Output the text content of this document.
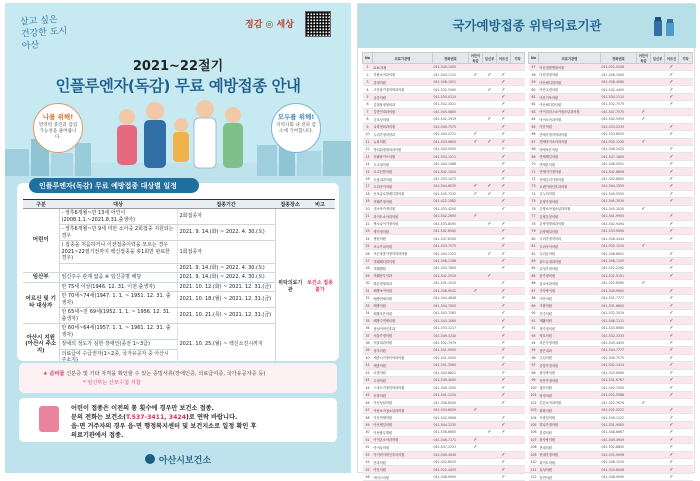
살고 싶은
건강한 도시
아산
정감 ◎ 세상
2021~22절기
인플루엔자(독감) 무료 예방접종 안내
나를 위해!
면역력 증진과 감염 가능성을 줄여줍니다.
모두를 위해!
지역사회 내 전파 감소에 기여합니다.
인플루엔자(독감) 무료 예방접종 대상별 일정
구분	대상	접종기간	접종장소	비고
어린이	- 생후6개월~만 13세 어린이 (2008.1.1.~2021.8.31.출생아)	2회접종자	위탁의료기관	보건소 접종 불가
	- 생후6개월~만 9세 미만 소아중 2회접종 지원되는 경우	2021. 9. 14.(화) ~ 2022. 4. 30.(토)		
	( 접종을 처음하거나 이전접종이력을 모르는 경우 2021~22절기전까지 백신접종을 총1회만 완료한 경우)	1회접종자		
		2021. 9. 14.(화) ~ 2022. 4. 30.(토)		
임산부	임신주수 관계 없음 ※ 임신증명 해당	2021. 9. 14.(화) ~ 2022. 4. 30.(토)		
어르신 및 기타 대상자	만 75세 이상(1946. 12. 31. 이전 출생자)	2021. 10. 12.(화) ~ 2021. 12. 31.(금)		
	만 70세~74세(1947. 1. 1. ~ 1951. 12. 31. 출생자)	2021. 10. 18.(월) ~ 2021. 12. 31.(금)		
	만 65세~만 69세(1952. 1. 1. ~ 1956. 12. 31. 출생자)	2021. 10. 21.(목) ~ 2021. 12. 31.(금)		
아산시 지원 (아산시 주소지)	만 60세~64세(1957. 1. 1. ~ 1961. 12. 31. 출생자)	2021. 10. 25.(월) ~ 백신소진시까지		
	장애의 정도가 심한 장애인(종전 1~3급)			
	의료급여 수급권자(1~2종, 국가유공자 중 아산시 주소지)			
★ 준비물 신분증 및 기타 자격을 확인할 수 있는 증빙서류(장애인증, 의료급여증, 국가유공자증 등)
* 임신부는 산모수첩 지참
어린이 접종은 이전의 통 횟수에 경우만 보건소 접종.
문의 전화는 보건소(T.537-3411, 3424)로 연락 바랍니다.
읍·면 거주자의 경우 읍·면 행정복지센터 및 보건지소로 일정 확인 후
의료기관에서 접종.
아산시보건소
국가예방접종 위탁의료기관
No	의료기관명	전화번호	어린이 독감	임신부	어르신	기타
1	G.H.의원	041-549-1000				
2	가람소아과의원	041-544-1112	✓	✓	✓	
3	강정의원	041-546-1001			✓	
4	고운삼가정의학과의원	041-532-5560		✓	✓	
5	공감의원	041-534-0114			✓	
6	김철웅정형외과	041-542-4521			✓	
7	김종인내과의원	041-545-0800			✓	
8	굿모닝의원	041-542-1919		✓	✓	
9	나라정외과의원	041-549-7575			✓	
10	누리가정의학과	041-544-4721	✓		✓	
11	뉴욕의원	041-533-9600	✓	✓	✓	
12	닥터위정형외과의원	041-544-0090			✓	
13	더필라이프의원	041-534-1211			✓	
14	도고정의원	041-544-1088			✓	
15	도고신한의원	041-542-1500			✓	
16	도움내과의원	041-533-1075			✓	
17	도티아이의원	041-544-6030	✓	✓	✓	
18	둔포글로벌메디칼의원	041-545-7532	✓	✓	✓	
19	미래가정의원	041-422-1082			✓	
20	미소야가정의원	041-533-4200			✓	
21	라이트소아과의원	041-542-2650	✓			
22	랑소나이가정의원	041-533-8095		✓	✓	
23	명가정의원	041-542-6500			✓	
24	명문의원	041-547-8100			✓	
25	모두가치의원	041-533-7575			✓	
26	모든마을가정의학과의원	041-544-2123		✓	✓	
27	미래메디칼의원	041-548-1188			✓	
28	미래병원	041-543-7800			✓	
29	미래산부인과	041-542-2010		✓		
30	바른정형외과	041-531-1010			✓	
31	배방보아의원	041-548-9542	✓		✓	
32	배방연세의원	041-544-4848			✓	
33	배방의원	041-544-7500			✓	
34	배방조은의원	041-543-7585			✓	
35	배방주연세의원	041-543-1080			✓	
36	삼성이비인후과	041-533-1217			✓	
37	서울가정의원	041-549-3240			✓	
38	서울내과의원	041-532-7979			✓	
39	성모의원	041-541-9000			✓	
40	세종시가정의학과의원	041-541-5000			✓	
41	세종의원	041-541-3060			✓	
42	소망의원	041-544-8822			✓	
43	수정의원	041-549-4000			✓	
44	스마트가정의학과의원	041-549-1050			✓	
45	신창의원	041-541-1234			✓	
46	아산성심의원	041-538-6500			✓	
47	아산소아청소년과의원	041-534-6009	✓			
48	아산연세의원	041-542-0606			✓	
49	아산제일의원	041-544-1235			✓	
50	아산충무병원	041-536-6600		✓	✓	
51	아이온소아과의원	041-548-7171	✓			
52	아이들의원	041-547-2233	✓			
53	아이비이비인후과의원	041-549-4040			✓	
54	안과의원	041-542-8020			✓	
55	아산의원	041-532-4455			✓	
56	에이스의원	041-548-9900			✓	
No	의료기관명	전화번호	어린이 독감	임신부	어르신	기타
57	아산경찰병원의원	041-532-0008			✓	
58	아산경정의원	041-546-1000			✓	
59	아산메디칼의원	041-536-4060			✓	
60	아산고령의원	041-542-4400			✓	
61	아산기독의원	041-534-1110			✓	
62	아산메디칼의원	041-532-7575			✓	
63	아이리더스소아청소년과의원	041-547-7575	✓			
64	아이소아과의원	041-542-5959	✓			
65	아산의원	041-533-2233			✓	
66	연세가정의학과의원	041-533-8005			✓	
67	연세아이소아과의원	041-532-1230	✓			
68	연세조은의원	041-546-2020			✓	
69	연세제일의원	041-547-1800			✓	
70	연세본의원	041-548-0051			✓	
71	연세이가정의원	041-542-6606			✓	
72	연세우리가정의원	041-542-8800			✓	
73	오랜이비인후과의원	041-544-1555			✓	
74	온누리의원	041-549-5555			✓	
75	온양가정의원	041-545-3030			✓	
76	온양소아청소년과의원	041-545-2020	✓			
77	온양온천의원	041-541-9900			✓	
78	온양정형외과의원	041-542-9494			✓	
79	온양제일의원	041-533-9090			✓	
80	우리가정의학과	041-548-4444			✓	
81	우리아이의원	041-532-1010	✓			
82	우리들의원	041-548-6651			✓	
83	위드유내과의원	041-548-1105			✓	
84	유성가정의원	041-542-2262			✓	
85	윤가정의원	041-532-5151			✓	
86	윤소아과의원	041-532-6565	✓			
87	이사랑의원	041-549-9900			✓	
88	이산의원	041-531-7777			✓	
89	이화의원	041-531-6600			✓	
90	인주의원	041-532-2019			✓	
91	재활의원	041-548-7111			✓	
92	정가정의원	041-543-6060			✓	
93	정호의원	041-532-3333			✓	
94	조은가정의원	041-545-4455			✓	
95	좋은내과	041-544-7777			✓	
96	주님의원	041-549-7575			✓	
97	중앙가정의원	041-542-1414			✓	
98	참사랑의원	041-533-6060			✓	
99	천안가정의원	041-531-6767			✓	
100	청산의원	041-542-7000			✓	
101	탕정의원	041-532-5588			✓	
102	튼튼소아과의원	041-532-7676	✓			
103	평화의원	041-532-0022			✓	
104	프라임의원	041-549-1122			✓	
105	하나가정의원	041-531-9000			✓	
106	한결의원	041-548-6667			✓	
107	한사랑의원	041-549-4949			✓	
108	현대의원	041-532-8890			✓	
109	현대가정의원	041-532-9099			✓	
110	화이트의원	041-548-1010			✓	
111	효성의원	041-534-8008			✓	
112	휴먼의원	041-548-9090			✓	
